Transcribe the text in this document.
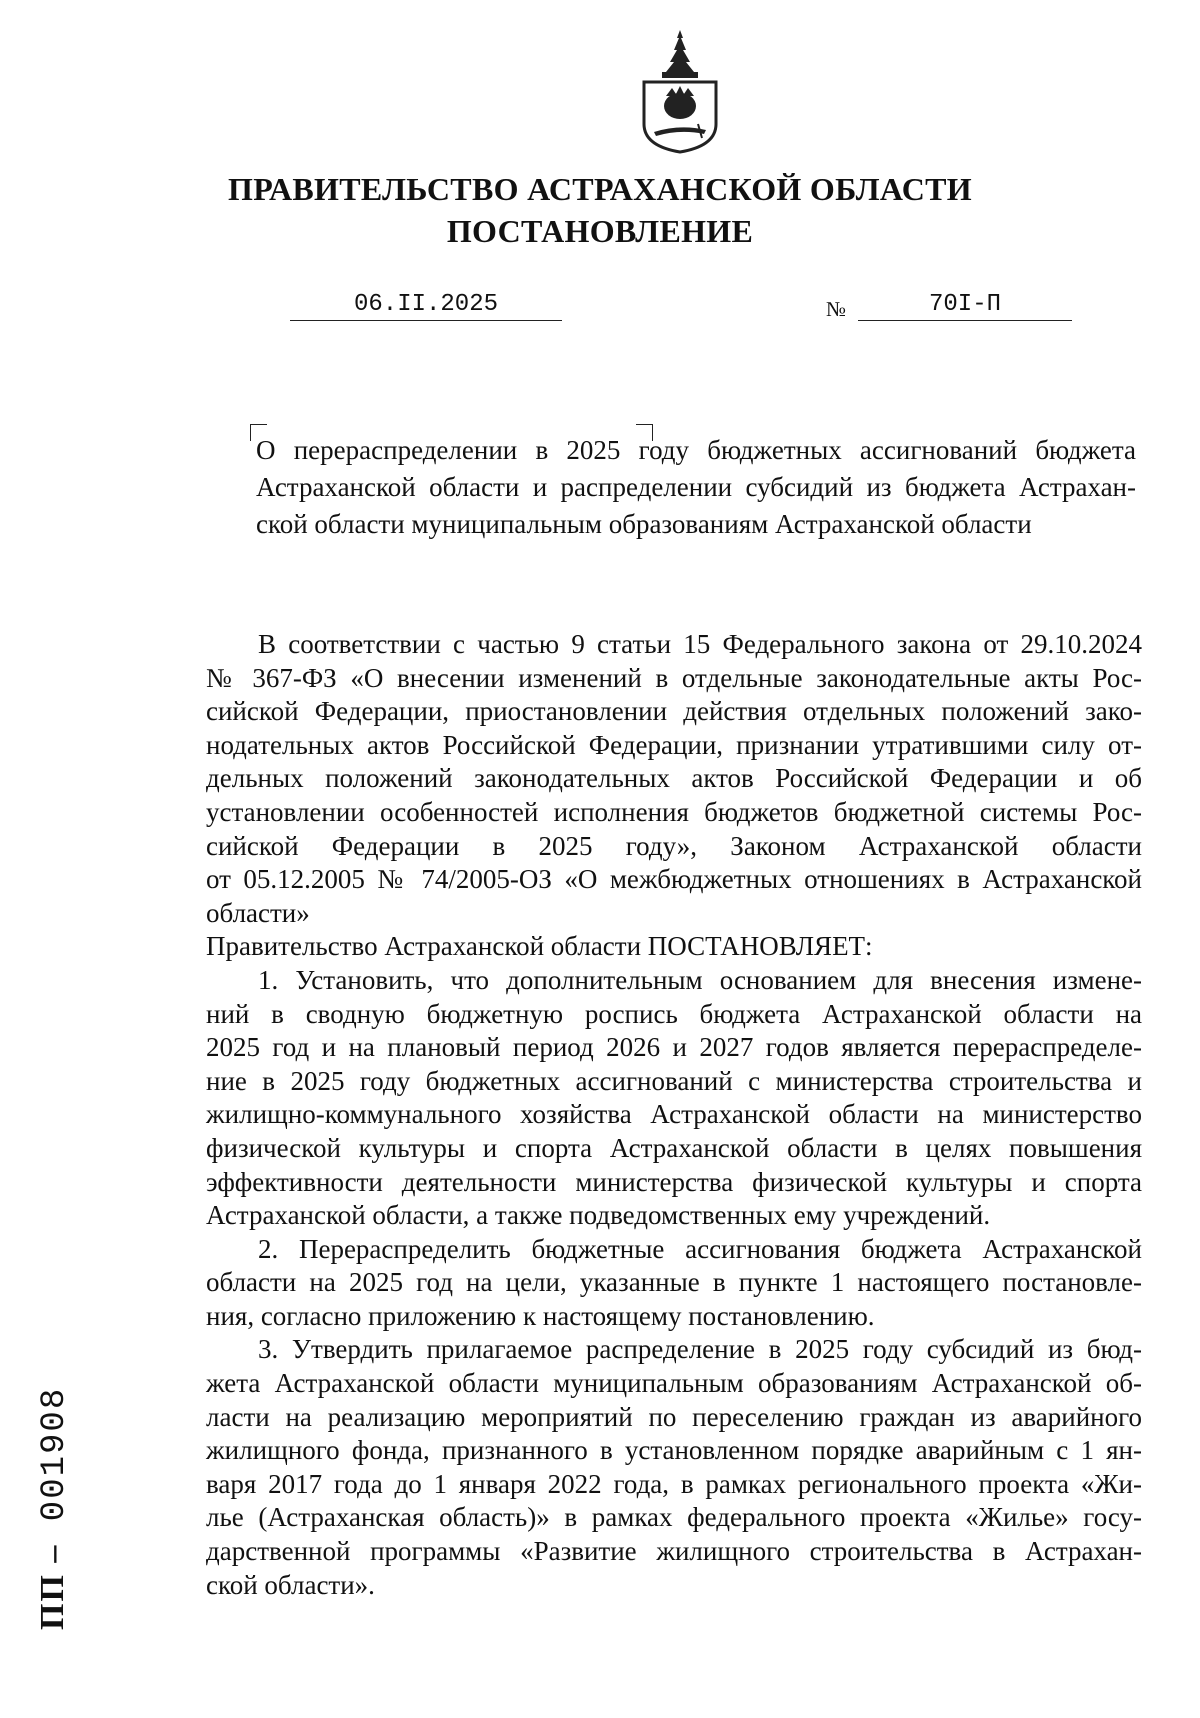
ПРАВИТЕЛЬСТВО АСТРАХАНСКОЙ ОБЛАСТИ
ПОСТАНОВЛЕНИЕ
06.II.2025	№	70I-П
О перераспределении в 2025 году бюджетных ассигнований бюджета
Астраханской области и распределении субсидий из бюджета Астрахан-
ской области муниципальным образованиям Астраханской области
В соответствии с частью 9 статьи 15 Федерального закона от 29.10.2024
№ 367-ФЗ «О внесении изменений в отдельные законодательные акты Рос-
сийской Федерации, приостановлении действия отдельных положений зако-
нодательных актов Российской Федерации, признании утратившими силу от-
дельных положений законодательных актов Российской Федерации и об
установлении особенностей исполнения бюджетов бюджетной системы Рос-
сийской Федерации в 2025 году», Законом Астраханской области
от 05.12.2005 № 74/2005-ОЗ «О межбюджетных отношениях в Астраханской
области»
Правительство Астраханской области ПОСТАНОВЛЯЕТ:
1. Установить, что дополнительным основанием для внесения измене-
ний в сводную бюджетную роспись бюджета Астраханской области на
2025 год и на плановый период 2026 и 2027 годов является перераспределе-
ние в 2025 году бюджетных ассигнований с министерства строительства и
жилищно-коммунального хозяйства Астраханской области на министерство
физической культуры и спорта Астраханской области в целях повышения
эффективности деятельности министерства физической культуры и спорта
Астраханской области, а также подведомственных ему учреждений.
2. Перераспределить бюджетные ассигнования бюджета Астраханской
области на 2025 год на цели, указанные в пункте 1 настоящего постановле-
ния, согласно приложению к настоящему постановлению.
3. Утвердить прилагаемое распределение в 2025 году субсидий из бюд-
жета Астраханской области муниципальным образованиям Астраханской об-
ласти на реализацию мероприятий по переселению граждан из аварийного
жилищного фонда, признанного в установленном порядке аварийным с 1 ян-
варя 2017 года до 1 января 2022 года, в рамках регионального проекта «Жи-
лье (Астраханская область)» в рамках федерального проекта «Жилье» госу-
дарственной программы «Развитие жилищного строительства в Астрахан-
ской области».
ПП – 001908
